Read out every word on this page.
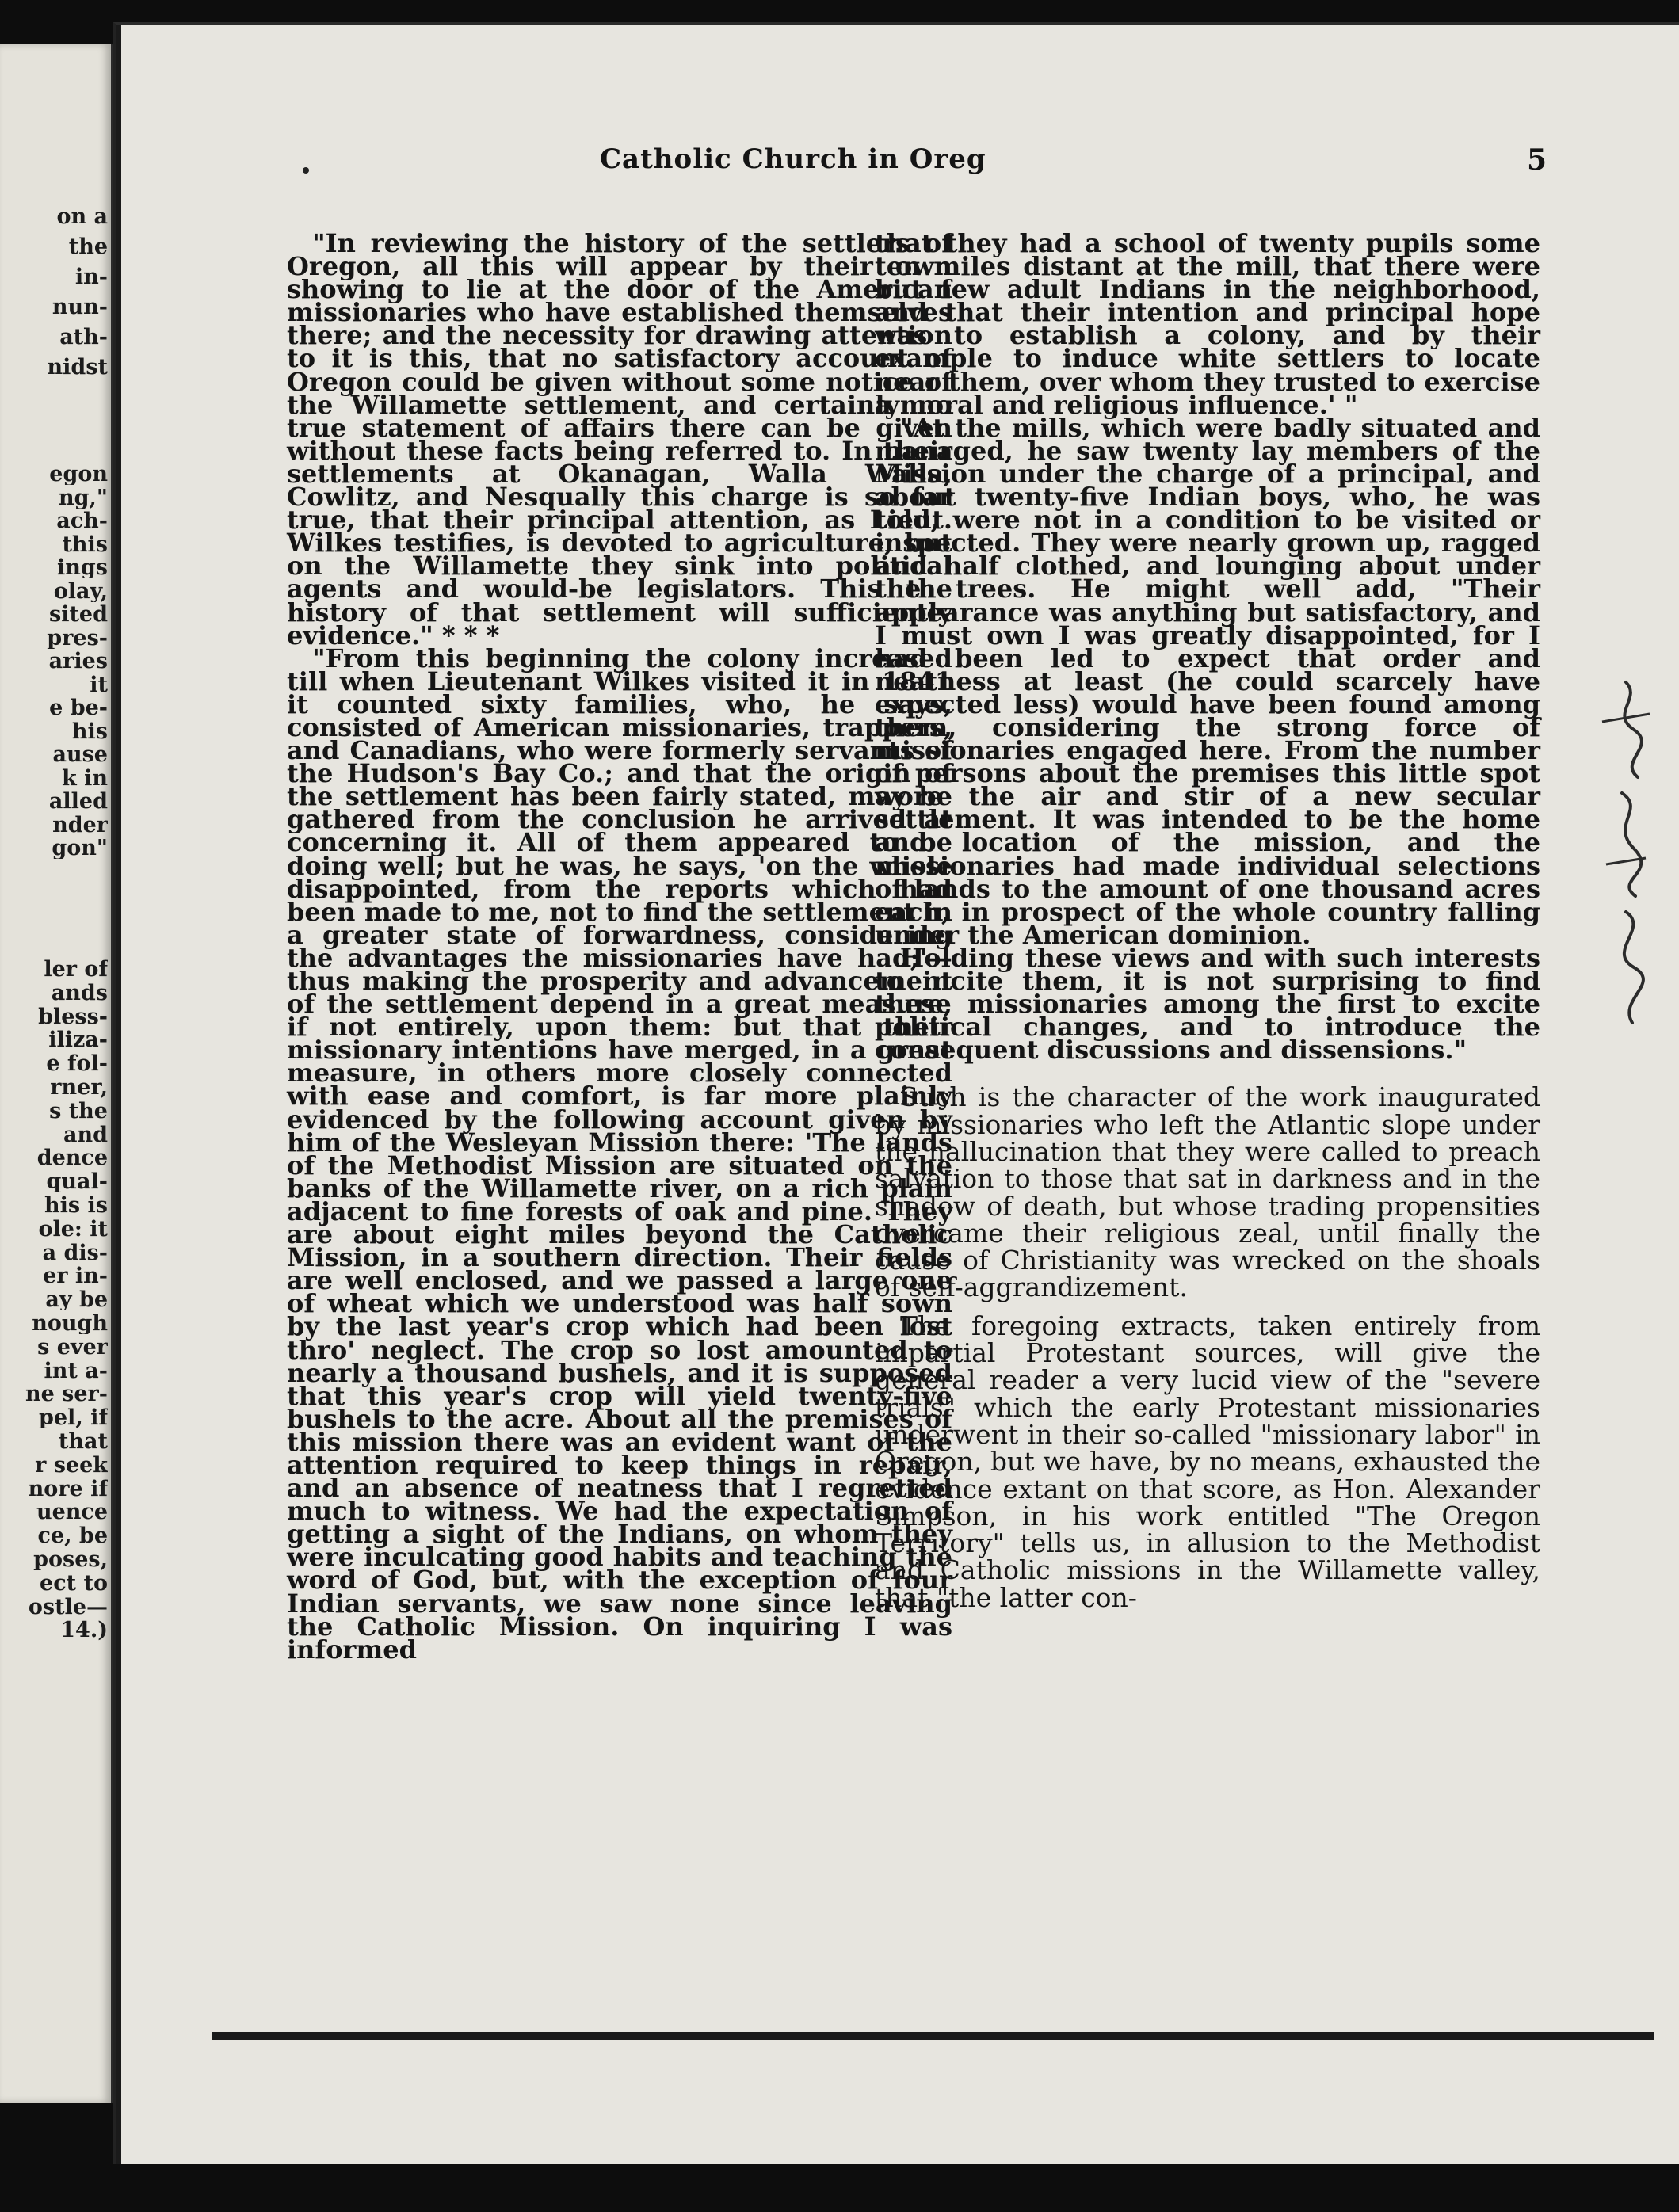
on a
the
in-
nun-
ath-
nidst
egon
ng,"
ach-
this
ings
olay,
sited
pres-
aries
it
e be-
his
ause
k in
alled
nder
gon"
ler of
ands
bless-
iliza-
e fol-
rner,
s the
and
dence
qual-
his is
ole: it
a dis-
er in-
ay be
nough
s ever
int a-
ne ser-
pel, if
that
r seek
nore if
uence
ce, be
poses,
ect to
ostle—
14.)
Catholic Church in Oreg	5

"In reviewing the history of the settlers of Oregon, all this will appear by their own showing to lie at the door of the American missionaries who have established themselves there; and the necessity for drawing attention to it is this, that no satisfactory account of Oregon could be given without some notice of the Willamette settlement, and certainly no true statement of affairs there can be given without these facts being referred to. In their settlements at Okanagan, Walla Walla, Cowlitz, and Nesqually this charge is so far true, that their principal attention, as Lieut. Wilkes testifies, is devoted to agriculture, but on the Willamette they sink into political agents and would-be legislators. This the history of that settlement will sufficiently evidence." * * *

"From this beginning the colony increased till when Lieutenant Wilkes visited it in 1841 it counted sixty families, who, he says, consisted of American missionaries, trappers, and Canadians, who were formerly servants of the Hudson's Bay Co.; and that the origin of the settlement has been fairly stated, may be gathered from the conclusion he arrived at concerning it. All of them appeared to be doing well; but he was, he says, 'on the whole disappointed, from the reports which had been made to me, not to find the settlement in a greater state of forwardness, considering the advantages the missionaries have had;'—thus making the prosperity and advancement of the settlement depend in a great measure, if not entirely, upon them: but that their missionary intentions have merged, in a great measure, in others more closely connected with ease and comfort, is far more plainly evidenced by the following account given by him of the Wesleyan Mission there: 'The lands of the Methodist Mission are situated on the banks of the Willamette river, on a rich plain adjacent to fine forests of oak and pine. They are about eight miles beyond the Catholic Mission, in a southern direction. Their fields are well enclosed, and we passed a large one of wheat which we understood was half sown by the last year's crop which had been lost thro' neglect. The crop so lost amounted to nearly a thousand bushels, and it is supposed that this year's crop will yield twenty-five bushels to the acre. About all the premises of this mission there was an evident want of the attention required to keep things in repair, and an absence of neatness that I regretted much to witness. We had the expectation of getting a sight of the Indians, on whom they were inculcating good habits and teaching the word of God, but, with the exception of four Indian servants, we saw none since leaving the Catholic Mission. On inquiring I was informed

that they had a school of twenty pupils some ten miles distant at the mill, that there were but few adult Indians in the neighborhood, and that their intention and principal hope was to establish a colony, and by their example to induce white settlers to locate near them, over whom they trusted to exercise a moral and religious influence.' "

"At the mills, which were badly situated and managed, he saw twenty lay members of the Mission under the charge of a principal, and about twenty-five Indian boys, who, he was told, were not in a condition to be visited or inspected. They were nearly grown up, ragged and half clothed, and lounging about under the trees. He might well add, "Their appearance was anything but satisfactory, and I must own I was greatly disappointed, for I had been led to expect that order and neatness at least (he could scarcely have expected less) would have been found among them, considering the strong force of missionaries engaged here. From the number of persons about the premises this little spot wore the air and stir of a new secular settlement. It was intended to be the home and location of the mission, and the missionaries had made individual selections of lands to the amount of one thousand acres each, in prospect of the whole country falling under the American dominion.

Holding these views and with such interests to incite them, it is not surprising to find these missionaries among the first to excite political changes, and to introduce the consequent discussions and dissensions."

Such is the character of the work inaugurated by missionaries who left the Atlantic slope under the hallucination that they were called to preach salvation to those that sat in darkness and in the shadow of death, but whose trading propensities overcame their religious zeal, until finally the cause of Christianity was wrecked on the shoals of self-aggrandizement.

The foregoing extracts, taken entirely from impartial Protestant sources, will give the general reader a very lucid view of the "severe trials" which the early Protestant missionaries underwent in their so-called "missionary labor" in Oregon, but we have, by no means, exhausted the evidence extant on that score, as Hon. Alexander Simpson, in his work entitled "The Oregon Territory" tells us, in allusion to the Methodist and Catholic missions in the Willamette valley, that "the latter con-
